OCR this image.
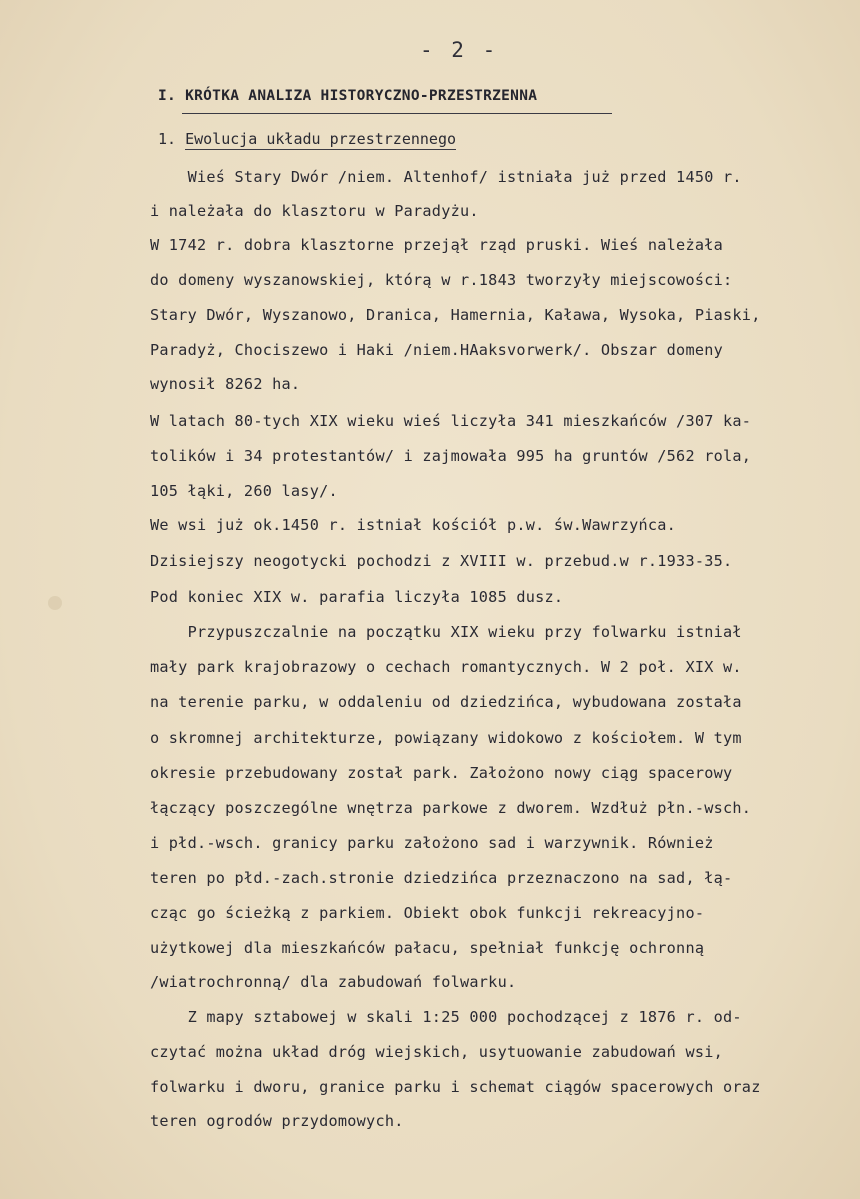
- 2 -
I. KRÓTKA ANALIZA HISTORYCZNO-PRZESTRZENNA
1. Ewolucja układu przestrzennego
Wieś Stary Dwór /niem. Altenhof/ istniała już przed 1450 r.
i należała do klasztoru w Paradyżu.
W 1742 r. dobra klasztorne przejął rząd pruski. Wieś należała
do domeny wyszanowskiej, którą w r.1843 tworzyły miejscowości:
Stary Dwór, Wyszanowo, Dranica, Hamernia, Kaława, Wysoka, Piaski,
Paradyż, Chociszewo i Haki /niem.HAaksvorwerk/. Obszar domeny
wynosił 8262 ha.
W latach 80-tych XIX wieku wieś liczyła 341 mieszkańców /307 ka-
tolików i 34 protestantów/ i zajmowała 995 ha gruntów /562 rola,
105 łąki, 260 lasy/.
We wsi już ok.1450 r. istniał kościół p.w. św.Wawrzyńca.
Dzisiejszy neogotycki pochodzi z XVIII w. przebud.w r.1933-35.
Pod koniec XIX w. parafia liczyła 1085 dusz.
Przypuszczalnie na początku XIX wieku przy folwarku istniał
mały park krajobrazowy o cechach romantycznych. W 2 poł. XIX w.
na terenie parku, w oddaleniu od dziedzińca, wybudowana została
o skromnej architekturze, powiązany widokowo z kościołem. W tym
okresie przebudowany został park. Założono nowy ciąg spacerowy
łączący poszczególne wnętrza parkowe z dworem. Wzdłuż płn.-wsch.
i płd.-wsch. granicy parku założono sad i warzywnik. Również
teren po płd.-zach.stronie dziedzińca przeznaczono na sad, łą-
cząc go ścieżką z parkiem. Obiekt obok funkcji rekreacyjno-
użytkowej dla mieszkańców pałacu, spełniał funkcję ochronną
/wiatrochronną/ dla zabudowań folwarku.
Z mapy sztabowej w skali 1:25 000 pochodzącej z 1876 r. od-
czytać można układ dróg wiejskich, usytuowanie zabudowań wsi,
folwarku i dworu, granice parku i schemat ciągów spacerowych oraz
teren ogrodów przydomowych.
